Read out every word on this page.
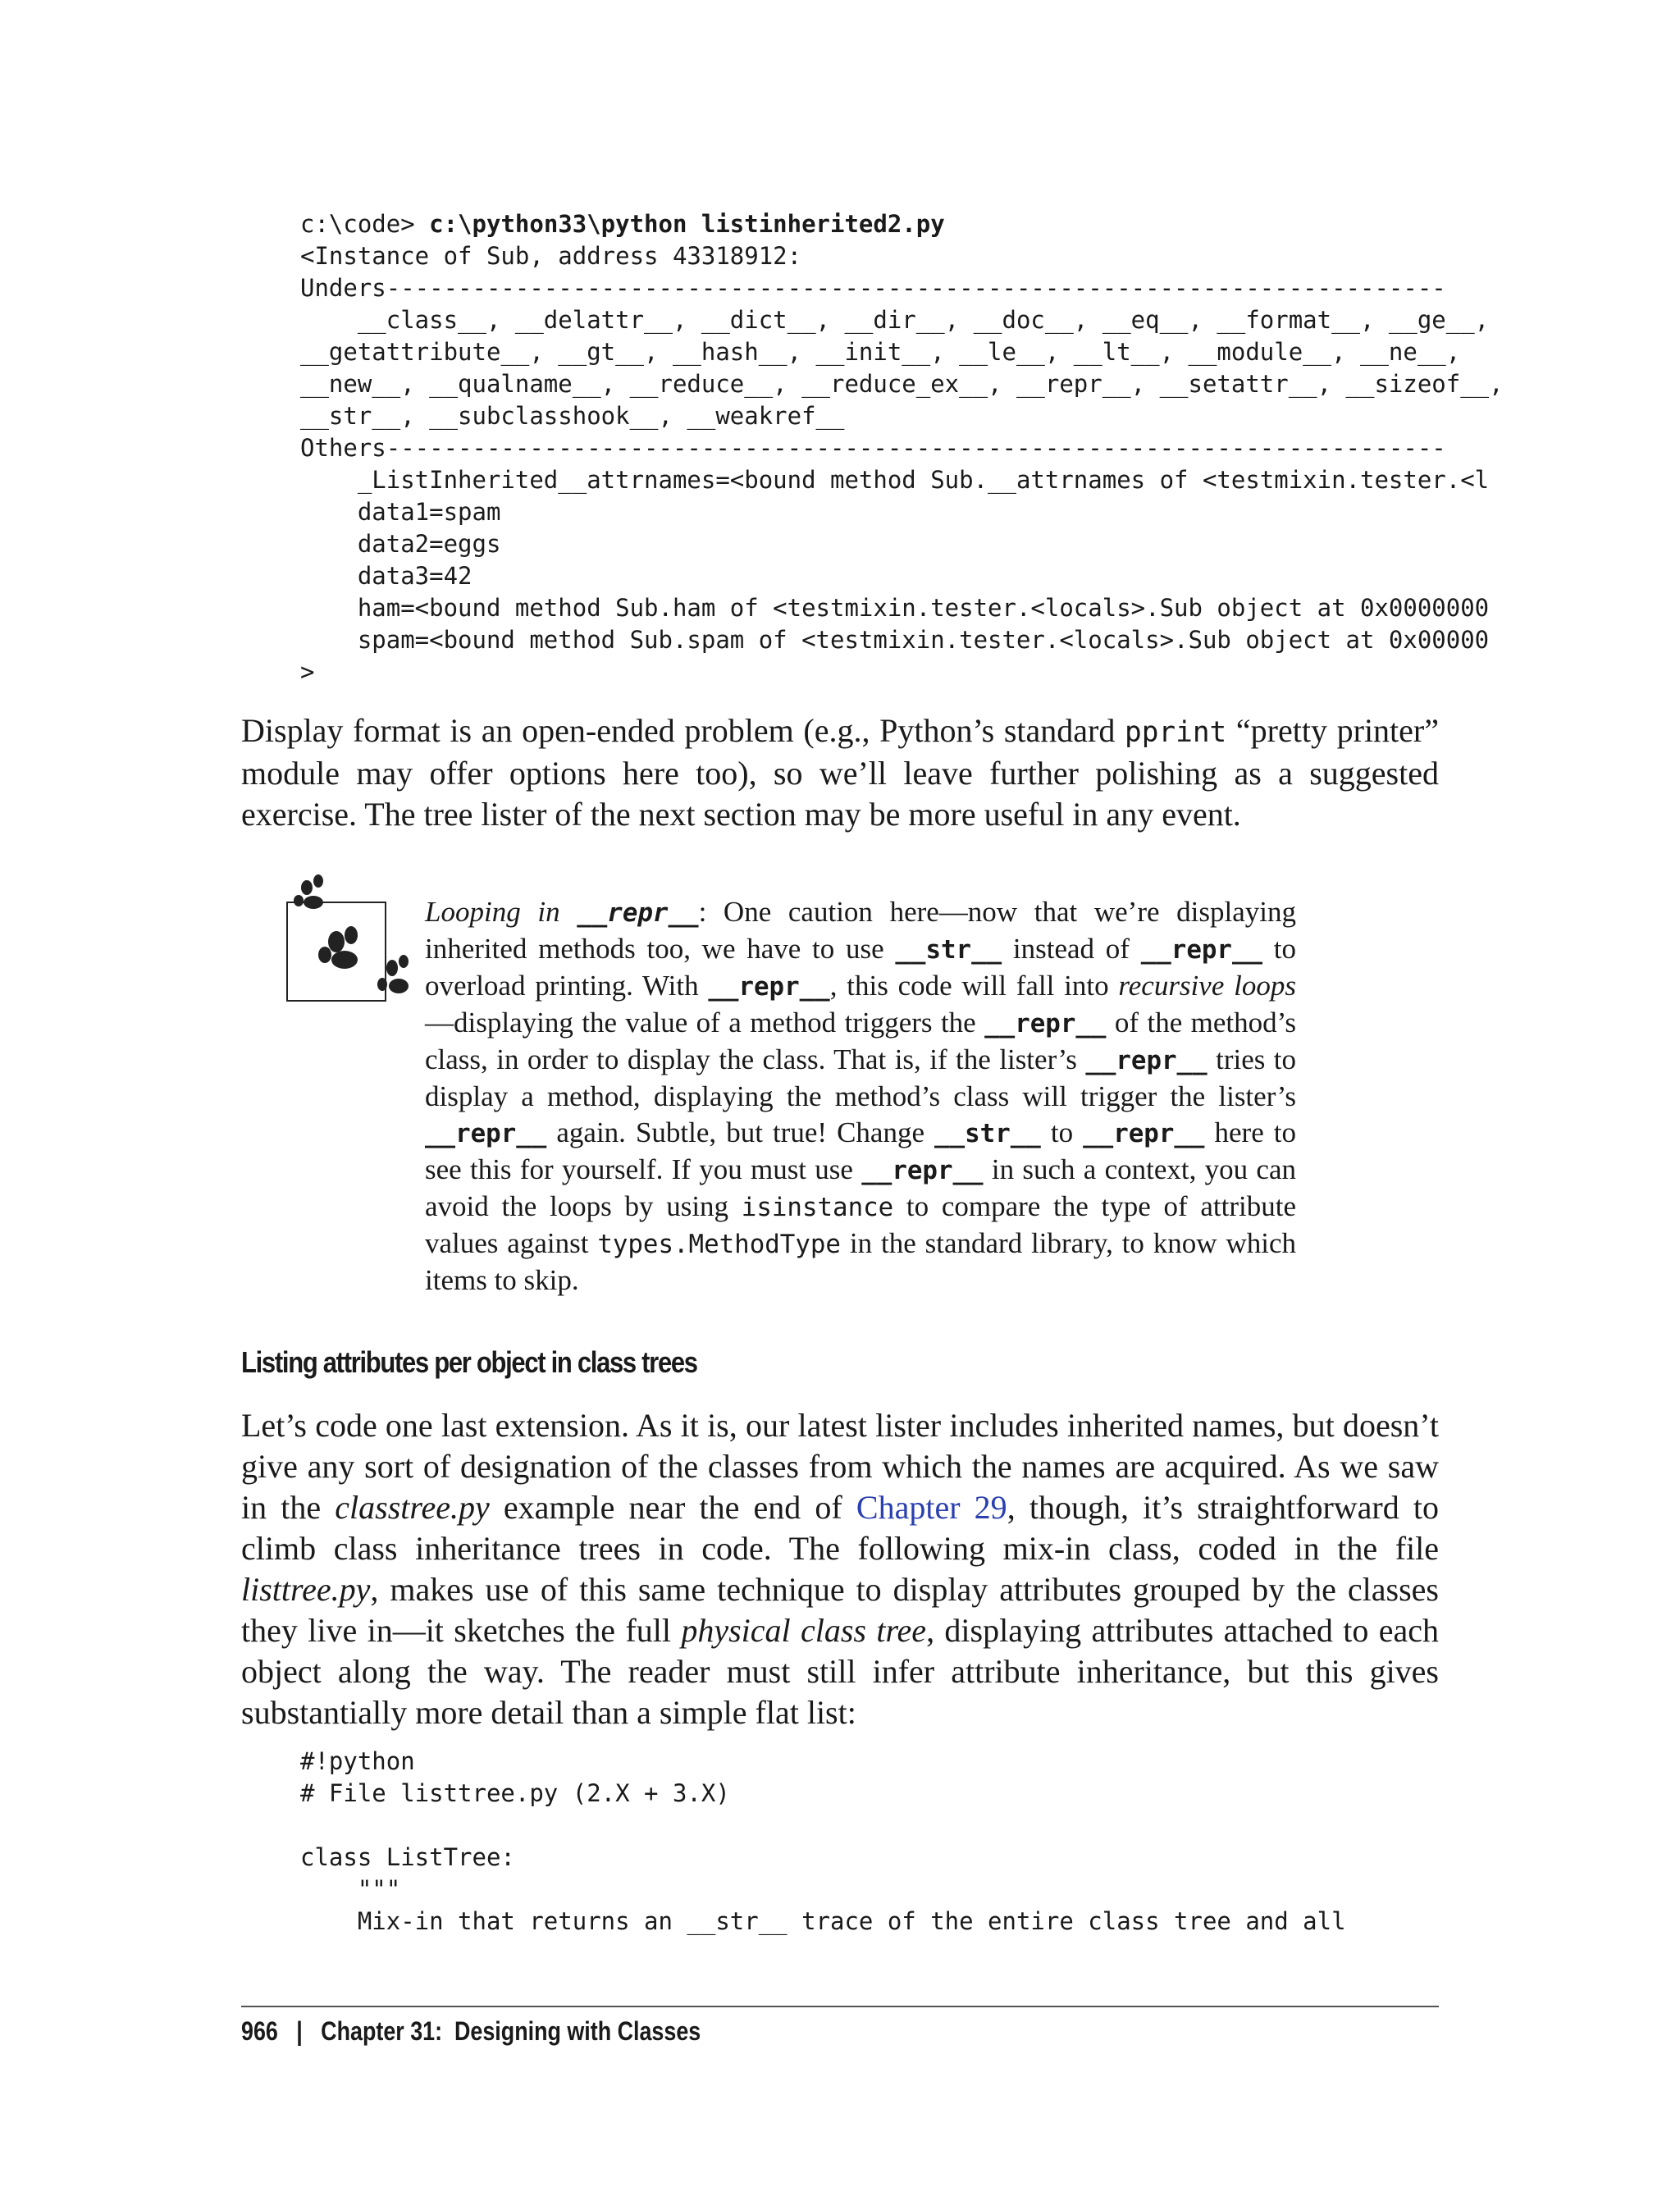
c:\code> c:\python33\python listinherited2.py
<Instance of Sub, address 43318912:
Unders--------------------------------------------------------------------------
__class__, __delattr__, __dict__, __dir__, __doc__, __eq__, __format__, __ge__,
__getattribute__, __gt__, __hash__, __init__, __le__, __lt__, __module__, __ne__,
__new__, __qualname__, __reduce__, __reduce_ex__, __repr__, __setattr__, __sizeof__,
__str__, __subclasshook__, __weakref__
Others--------------------------------------------------------------------------
_ListInherited__attrnames=<bound method Sub.__attrnames of <testmixin.tester.<l
data1=spam
data2=eggs
data3=42
ham=<bound method Sub.ham of <testmixin.tester.<locals>.Sub object at 0x0000000
spam=<bound method Sub.spam of <testmixin.tester.<locals>.Sub object at 0x00000
>

Display format is an open-ended problem (e.g., Python’s standard pprint “pretty printer” module may offer options here too), so we’ll leave further polishing as a suggested exercise. The tree lister of the next section may be more useful in any event.

Looping in __repr__: One caution here—now that we’re displaying inherited methods too, we have to use __str__ instead of __repr__ to overload printing. With __repr__, this code will fall into recursive loops —displaying the value of a method triggers the __repr__ of the method’s class, in order to display the class. That is, if the lister’s __repr__ tries to display a method, displaying the method’s class will trigger the lister’s __repr__ again. Subtle, but true! Change __str__ to __repr__ here to see this for yourself. If you must use __repr__ in such a context, you can avoid the loops by using isinstance to compare the type of attribute values against types.MethodType in the standard library, to know which items to skip.

Listing attributes per object in class trees

Let’s code one last extension. As it is, our latest lister includes inherited names, but doesn’t give any sort of designation of the classes from which the names are acquired. As we saw in the classtree.py example near the end of Chapter 29, though, it’s straightforward to climb class inheritance trees in code. The following mix-in class, coded in the file listtree.py, makes use of this same technique to display attributes grouped by the classes they live in—it sketches the full physical class tree, displaying attributes attached to each object along the way. The reader must still infer attribute inheritance, but this gives substantially more detail than a simple flat list:

#!python
# File listtree.py (2.X + 3.X)
class ListTree:
"""
Mix-in that returns an __str__ trace of the entire class tree and all

966 | Chapter 31:  Designing with Classes
